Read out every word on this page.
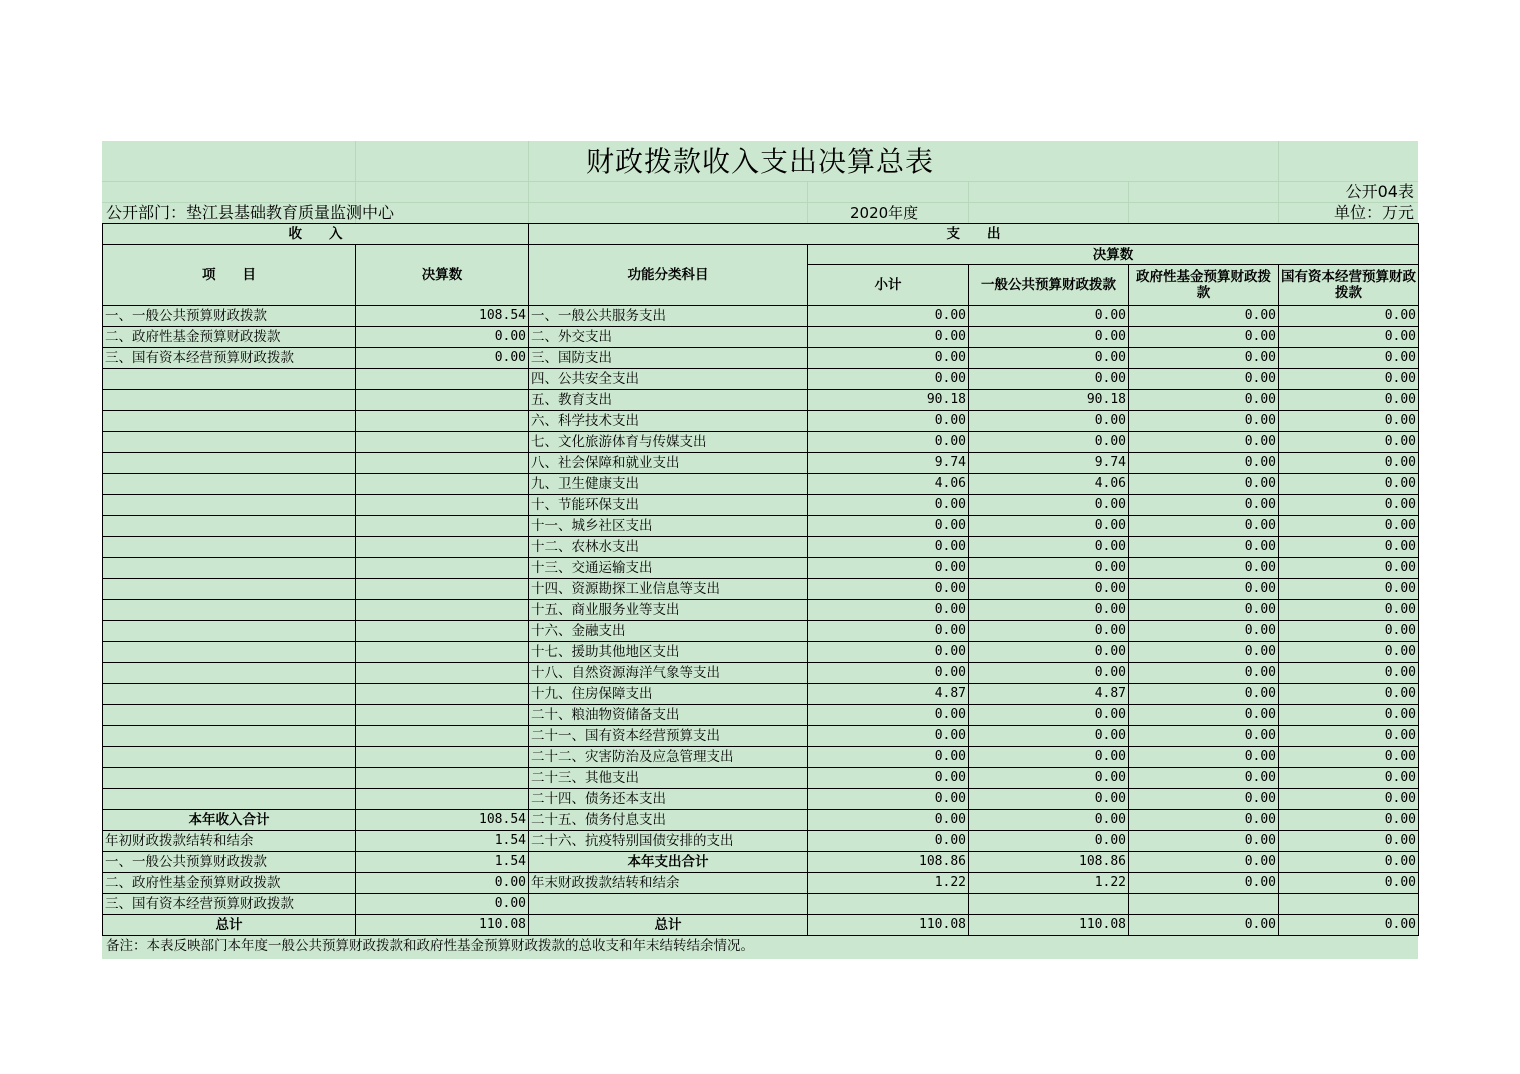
财政拨款收入支出决算总表
公开04表
公开部门：垫江县基础教育质量监测中心	2020年度	单位：万元
收　　入		支　　出				
项　　目	决算数	功能分类科目	决算数			
			小计	一般公共预算财政拨款	政府性基金预算财政拨款	国有资本经营预算财政拨款
一、一般公共预算财政拨款	108.54	一、一般公共服务支出	0.00	0.00	0.00	0.00
二、政府性基金预算财政拨款	0.00	二、外交支出	0.00	0.00	0.00	0.00
三、国有资本经营预算财政拨款	0.00	三、国防支出	0.00	0.00	0.00	0.00
		四、公共安全支出	0.00	0.00	0.00	0.00
		五、教育支出	90.18	90.18	0.00	0.00
		六、科学技术支出	0.00	0.00	0.00	0.00
		七、文化旅游体育与传媒支出	0.00	0.00	0.00	0.00
		八、社会保障和就业支出	9.74	9.74	0.00	0.00
		九、卫生健康支出	4.06	4.06	0.00	0.00
		十、节能环保支出	0.00	0.00	0.00	0.00
		十一、城乡社区支出	0.00	0.00	0.00	0.00
		十二、农林水支出	0.00	0.00	0.00	0.00
		十三、交通运输支出	0.00	0.00	0.00	0.00
		十四、资源勘探工业信息等支出	0.00	0.00	0.00	0.00
		十五、商业服务业等支出	0.00	0.00	0.00	0.00
		十六、金融支出	0.00	0.00	0.00	0.00
		十七、援助其他地区支出	0.00	0.00	0.00	0.00
		十八、自然资源海洋气象等支出	0.00	0.00	0.00	0.00
		十九、住房保障支出	4.87	4.87	0.00	0.00
		二十、粮油物资储备支出	0.00	0.00	0.00	0.00
		二十一、国有资本经营预算支出	0.00	0.00	0.00	0.00
		二十二、灾害防治及应急管理支出	0.00	0.00	0.00	0.00
		二十三、其他支出	0.00	0.00	0.00	0.00
		二十四、债务还本支出	0.00	0.00	0.00	0.00
本年收入合计	108.54	二十五、债务付息支出	0.00	0.00	0.00	0.00
年初财政拨款结转和结余	1.54	二十六、抗疫特别国债安排的支出	0.00	0.00	0.00	0.00
一、一般公共预算财政拨款	1.54	本年支出合计	108.86	108.86	0.00	0.00
二、政府性基金预算财政拨款	0.00	年末财政拨款结转和结余	1.22	1.22	0.00	0.00
三、国有资本经营预算财政拨款	0.00					
总计	110.08	总计	110.08	110.08	0.00	0.00
备注：本表反映部门本年度一般公共预算财政拨款和政府性基金预算财政拨款的总收支和年末结转结余情况。
